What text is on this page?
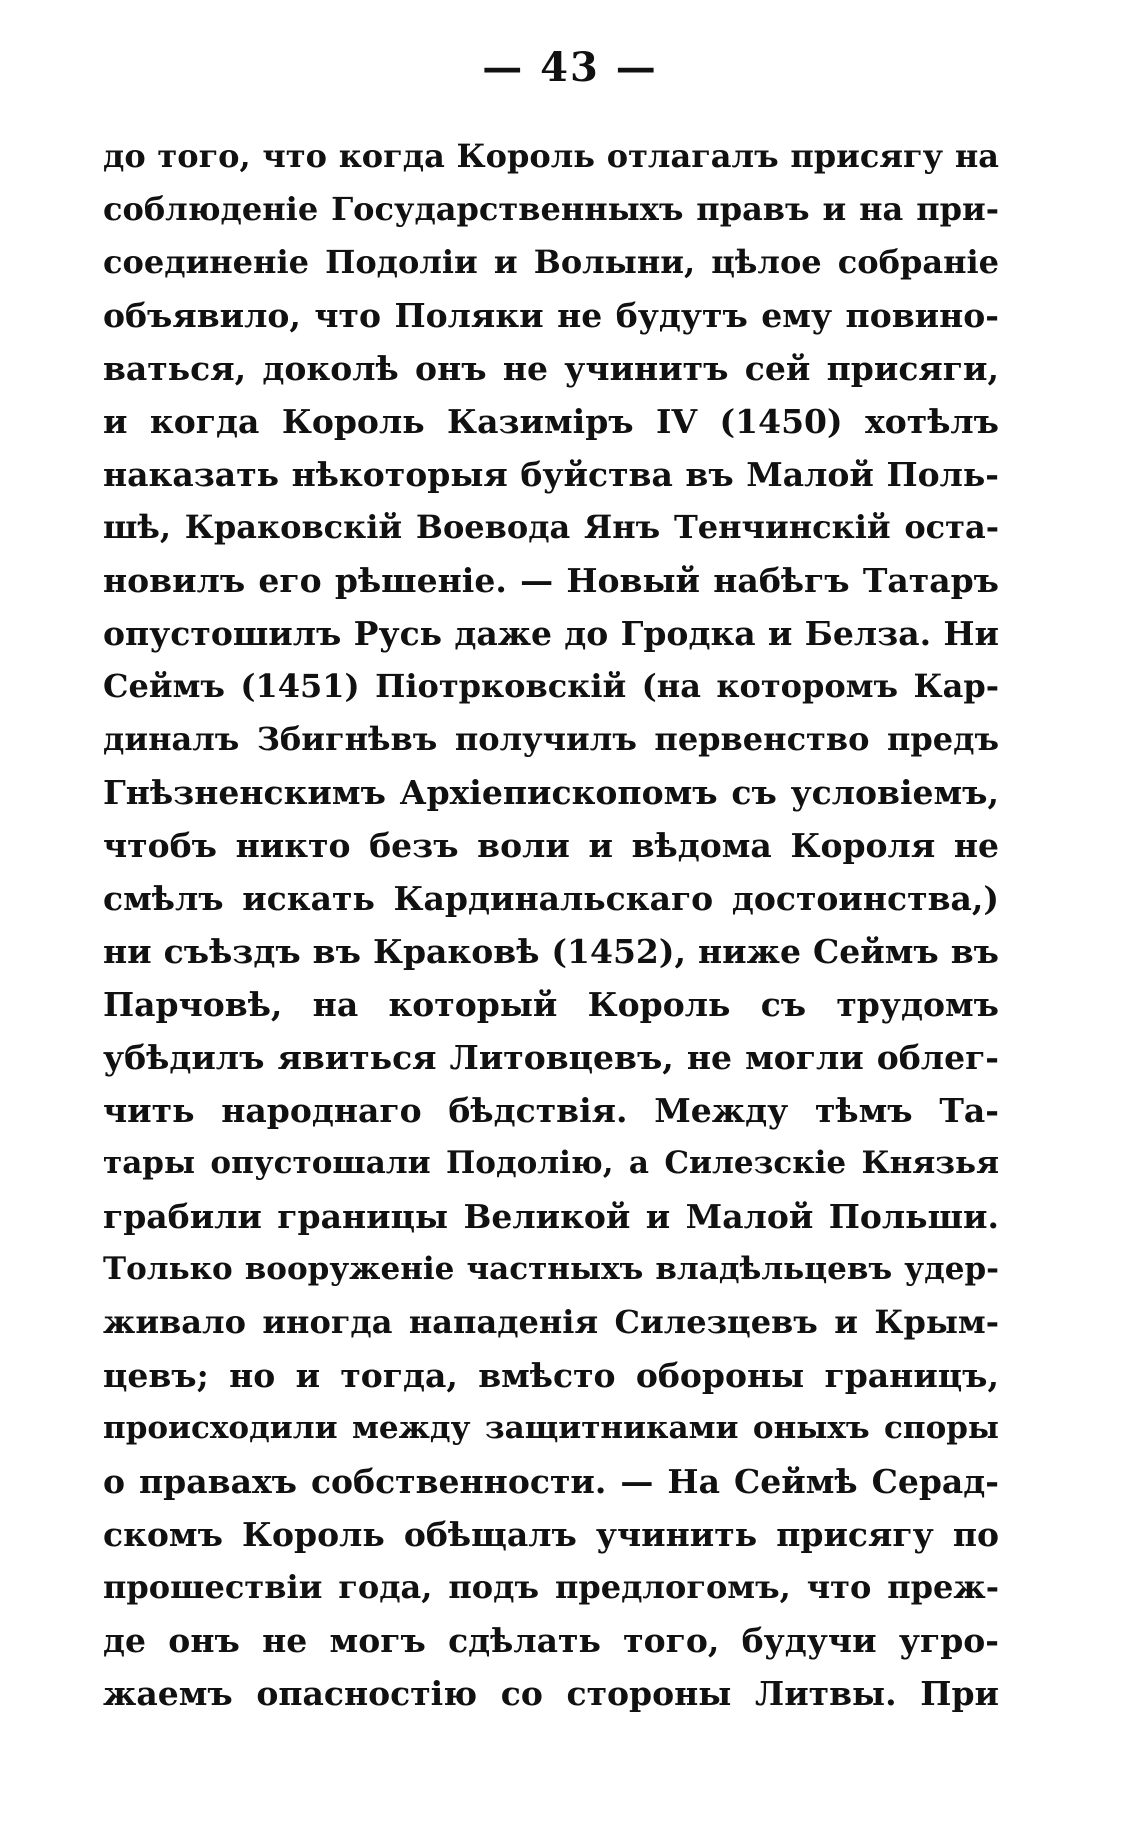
— 43 —
до того, что когда Король отлагалъ присягу на
соблюденіе Государственныхъ правъ и на при-
соединеніе Подоліи и Волыни, цѣлое собраніе
объявило, что Поляки не будутъ ему повино-
ваться, доколѣ онъ не учинитъ сей присяги,
и когда Король Казиміръ IV (1450) хотѣлъ
наказать нѣкоторыя буйства въ Малой Поль-
шѣ, Краковскій Воевода Янъ Тенчинскій оста-
новилъ его рѣшеніе. — Новый набѣгъ Татаръ
опустошилъ Русь даже до Гродка и Белза. Ни
Сеймъ (1451) Піотрковскій (на которомъ Кар-
диналъ Збигнѣвъ получилъ первенство предъ
Гнѣзненскимъ Архіепископомъ съ условіемъ,
чтобъ никто безъ воли и вѣдома Короля не
смѣлъ искать Кардинальскаго достоинства,)
ни съѣздъ въ Краковѣ (1452), ниже Сеймъ въ
Парчовѣ, на который Король съ трудомъ
убѣдилъ явиться Литовцевъ, не могли облег-
чить народнаго бѣдствія. Между тѣмъ Та-
тары опустошали Подолію, а Силезскіе Князья
грабили границы Великой и Малой Польши.
Только вооруженіе частныхъ владѣльцевъ удер-
живало иногда нападенія Силезцевъ и Крым-
цевъ; но и тогда, вмѣсто обороны границъ,
происходили между защитниками оныхъ споры
о правахъ собственности. — На Сеймѣ Серад-
скомъ Король обѣщалъ учинить присягу по
прошествіи года, подъ предлогомъ, что преж-
де онъ не могъ сдѣлать того, будучи угро-
жаемъ опасностію со стороны Литвы. При
